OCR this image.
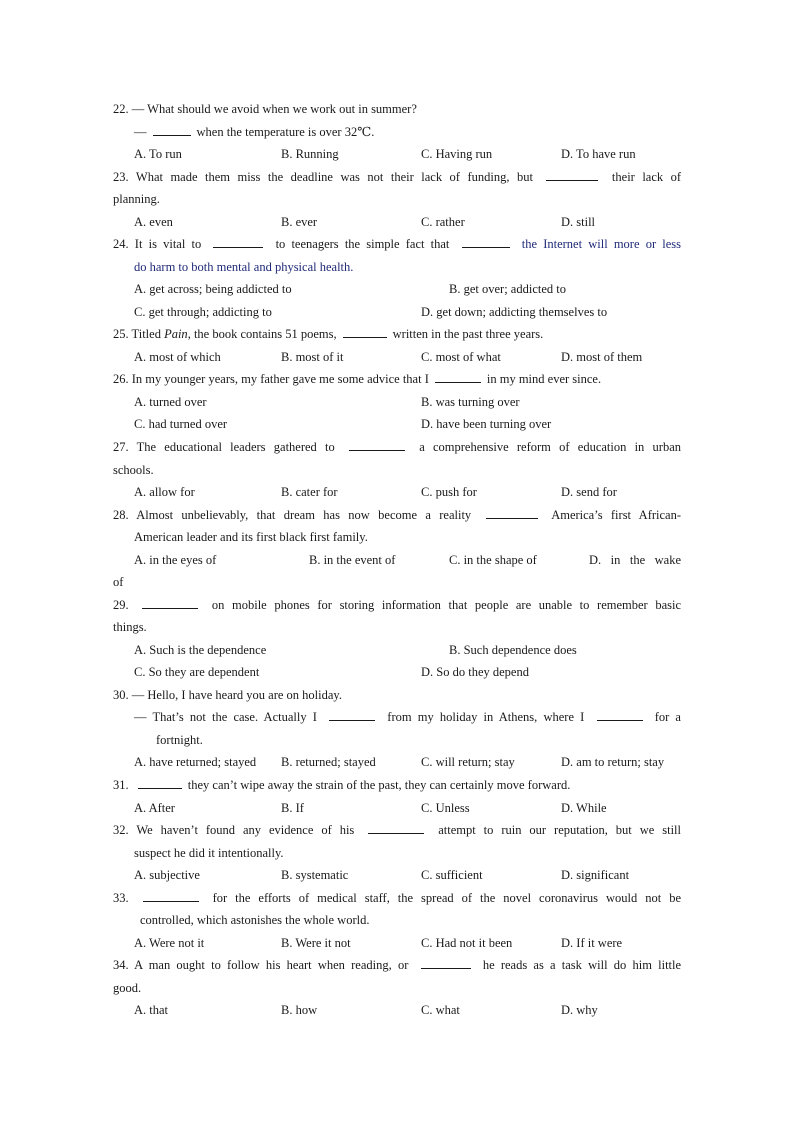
22. — What should we avoid when we work out in summer?
—	when the temperature is over 32℃.
A. To run	B. Running	C. Having run	D. To have run
23. What made them miss the deadline was not their lack of funding, but	their lack of
planning.
A. even	B. ever	C. rather	D. still
24. It is vital to	to teenagers the simple fact that	the Internet will more or less
do harm to both mental and physical health.
A. get across; being addicted to	B. get over; addicted to
C. get through; addicting to	D. get down; addicting themselves to
25. Titled Pain, the book contains 51 poems,	written in the past three years.
A. most of which	B. most of it	C. most of what	D. most of them
26. In my younger years, my father gave me some advice that I	in my mind ever since.
A. turned over	B. was turning over
C. had turned over	D. have been turning over
27. The educational leaders gathered to	a comprehensive reform of education in urban
schools.
A. allow for	B. cater for	C. push for	D. send for
28. Almost unbelievably, that dream has now become a reality	America’s first African-
American leader and its first black first family.
A. in the eyes of	B. in the event of	C. in the shape of	D. in the wake
of
29.	on mobile phones for storing information that people are unable to remember basic
things.
A. Such is the dependence	B. Such dependence does
C. So they are dependent	D. So do they depend
30. — Hello, I have heard you are on holiday.
— That’s not the case. Actually I	from my holiday in Athens, where I	for a
fortnight.
A. have returned; stayed B. returned; stayed	C. will return; stay	D. am to return; stay
31.	they can’t wipe away the strain of the past, they can certainly move forward.
A. After	B. If	C. Unless	D. While
32. We haven’t found any evidence of his	attempt to ruin our reputation, but we still
suspect he did it intentionally.
A. subjective	B. systematic	C. sufficient	D. significant
33.	for the efforts of medical staff, the spread of the novel coronavirus would not be
controlled, which astonishes the whole world.
A. Were not it	B. Were it not	C. Had not it been	D. If it were
34. A man ought to follow his heart when reading, or	he reads as a task will do him little
good.
A. that	B. how	C. what	D. why
